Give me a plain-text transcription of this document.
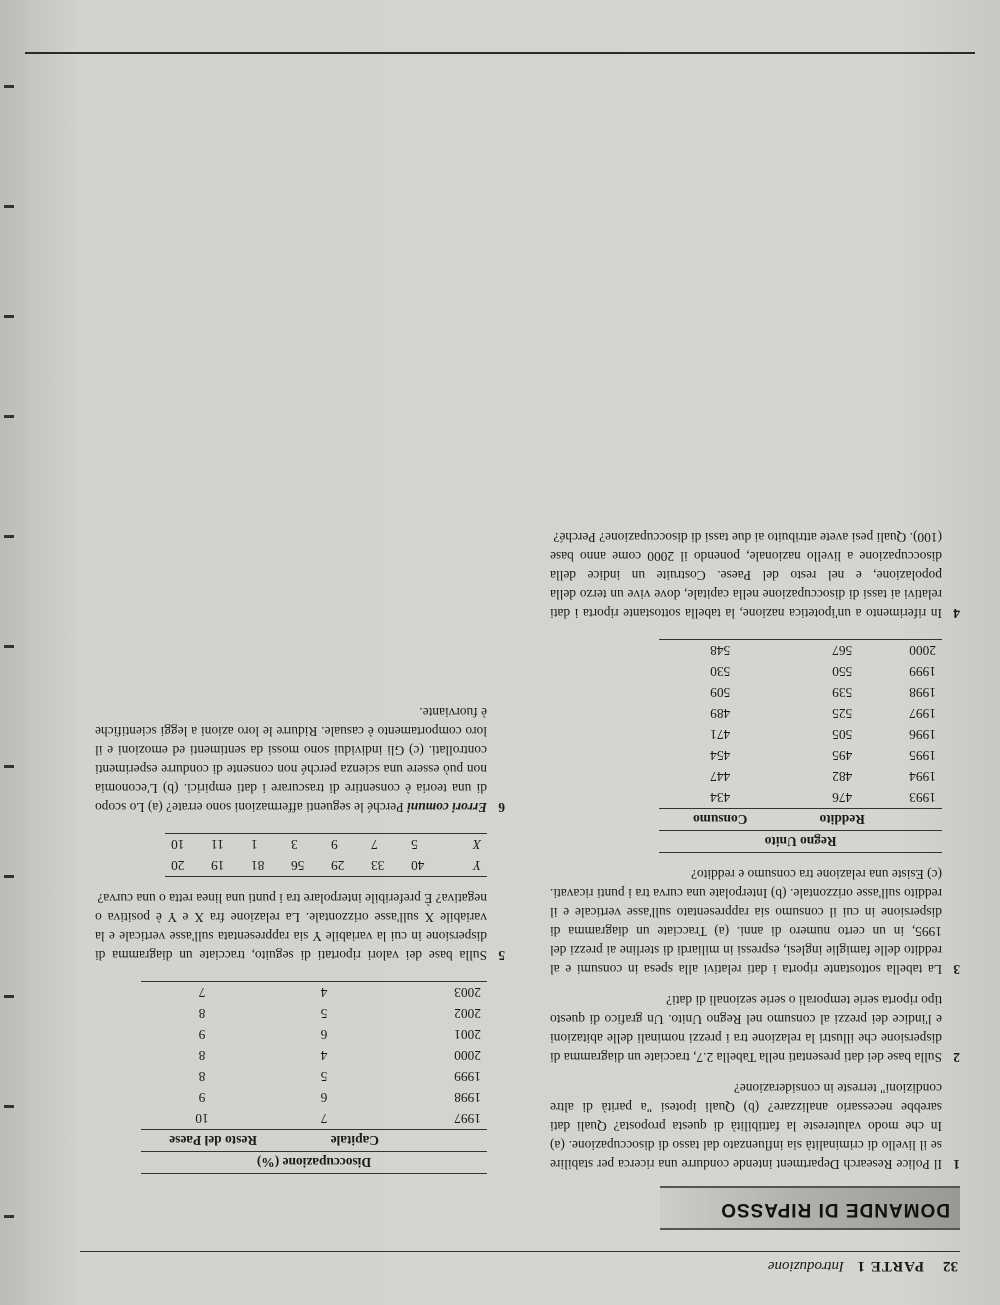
32
PARTE 1
Introduzione
DOMANDE DI RIPASSO
1
Il Police Research Department intende condurre una ricerca per stabilire se il livello di criminalità sia influenzato dal tasso di disoccupazione. (a) In che modo valutereste la fattibilità di questa proposta? Quali dati sarebbe necessario analizzare? (b) Quali ipotesi "a parità di altre condizioni" terreste in considerazione?
2
Sulla base dei dati presentati nella Tabella 2.7, tracciate un diagramma di dispersione che illustri la relazione tra i prezzi nominali delle abitazioni e l'indice dei prezzi al consumo nel Regno Unito. Un grafico di questo tipo riporta serie temporali o serie sezionali di dati?
3
La tabella sottostante riporta i dati relativi alla spesa in consumi e al reddito delle famiglie inglesi, espressi in miliardi di sterline ai prezzi del 1995, in un certo numero di anni. (a) Tracciate un diagramma di dispersione in cui il consumo sia rappresentato sull'asse verticale e il reddito sull'asse orizzontale. (b) Interpolate una curva tra i punti ricavati. (c) Esiste una relazione tra consumo e reddito?
Regno Unito		
	Reddito	Consumo
1993	476	434
1994	482	447
1995	495	454
1996	505	471
1997	525	489
1998	539	509
1999	550	530
2000	567	548
4
In riferimento a un'ipotetica nazione, la tabella sottostante riporta i dati relativi ai tassi di disoccupazione nella capitale, dove vive un terzo della popolazione, e nel resto del Paese. Costruite un indice della disoccupazione a livello nazionale, ponendo il 2000 come anno base (100). Quali pesi avete attribuito ai due tassi di disoccupazione? Perché?
Disoccupazione (%)		
	Capitale	Resto del Paese
1997	7	10
1998	6	9
1999	5	8
2000	4	8
2001	6	9
2002	5	8
2003	4	7
5
Sulla base dei valori riportati di seguito, tracciate un diagramma di dispersione in cui la variabile Y sia rappresentata sull'asse verticale e la variabile X sull'asse orizzontale. La relazione fra X e Y è positiva o negativa? È preferibile interpolare tra i punti una linea retta o una curva?
Y	40	33	29	56	81	19	20
X	5	7	9	3	1	11	10
6
Errori comuni Perché le seguenti affermazioni sono errate? (a) Lo scopo di una teoria è consentire di trascurare i dati empirici. (b) L'economia non può essere una scienza perché non consente di condurre esperimenti controllati. (c) Gli individui sono mossi da sentimenti ed emozioni e il loro comportamento è casuale. Ridurre le loro azioni a leggi scientifiche è fuorviante.
